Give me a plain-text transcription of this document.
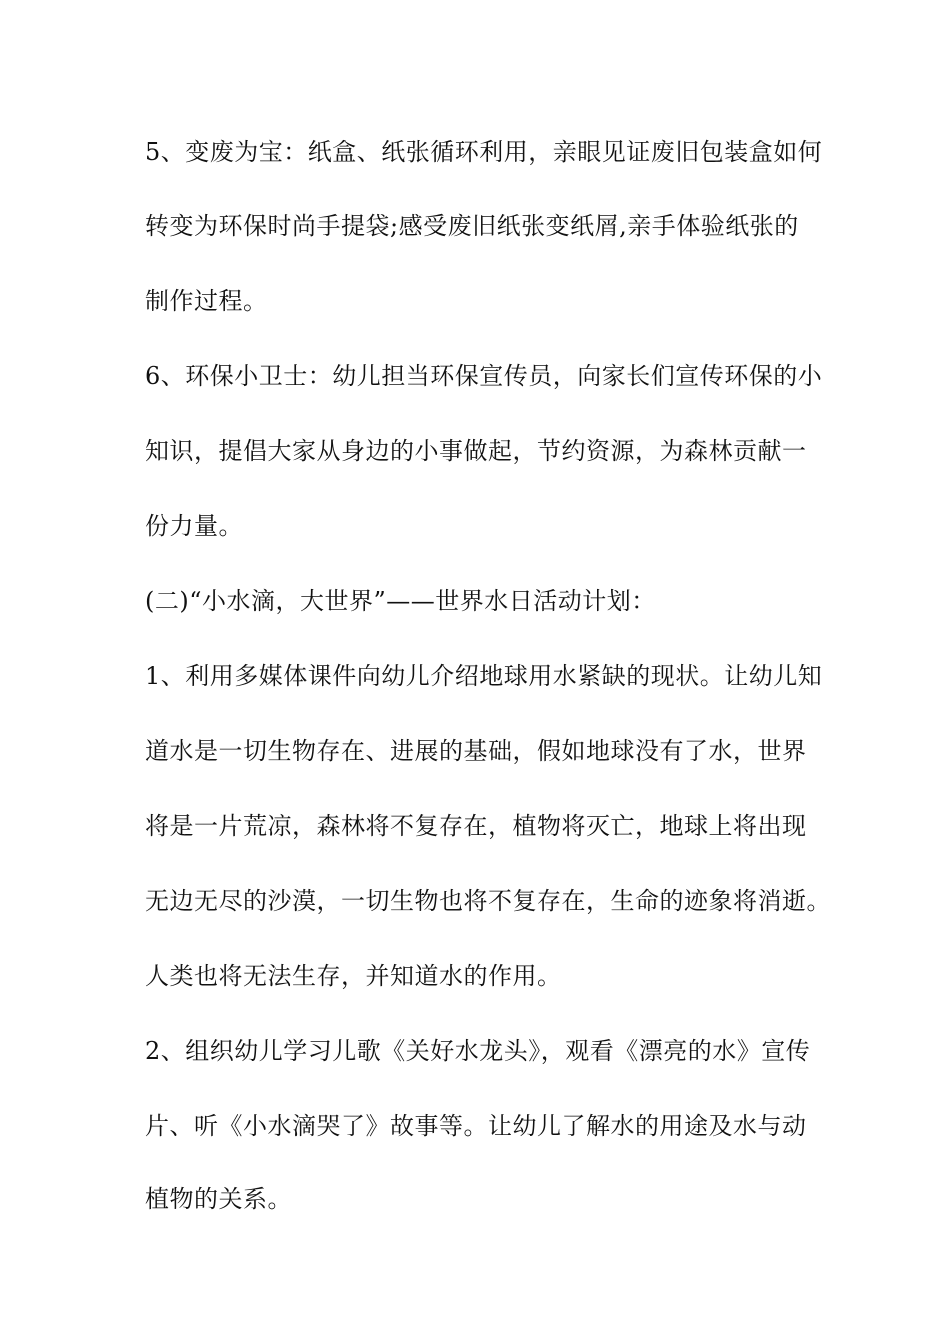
5、变废为宝：纸盒、纸张循环利用，亲眼见证废旧包装盒如何
转变为环保时尚手提袋;感受废旧纸张变纸屑,亲手体验纸张的
制作过程。
6、环保小卫士：幼儿担当环保宣传员，向家长们宣传环保的小
知识，提倡大家从身边的小事做起，节约资源，为森林贡献一
份力量。
(二)“小水滴，大世界”——世界水日活动计划：
1、利用多媒体课件向幼儿介绍地球用水紧缺的现状。让幼儿知
道水是一切生物存在、进展的基础，假如地球没有了水，世界
将是一片荒凉，森林将不复存在，植物将灭亡，地球上将出现
无边无尽的沙漠，一切生物也将不复存在，生命的迹象将消逝。
人类也将无法生存，并知道水的作用。
2、组织幼儿学习儿歌《关好水龙头》，观看《漂亮的水》宣传
片、听《小水滴哭了》故事等。让幼儿了解水的用途及水与动
植物的关系。
